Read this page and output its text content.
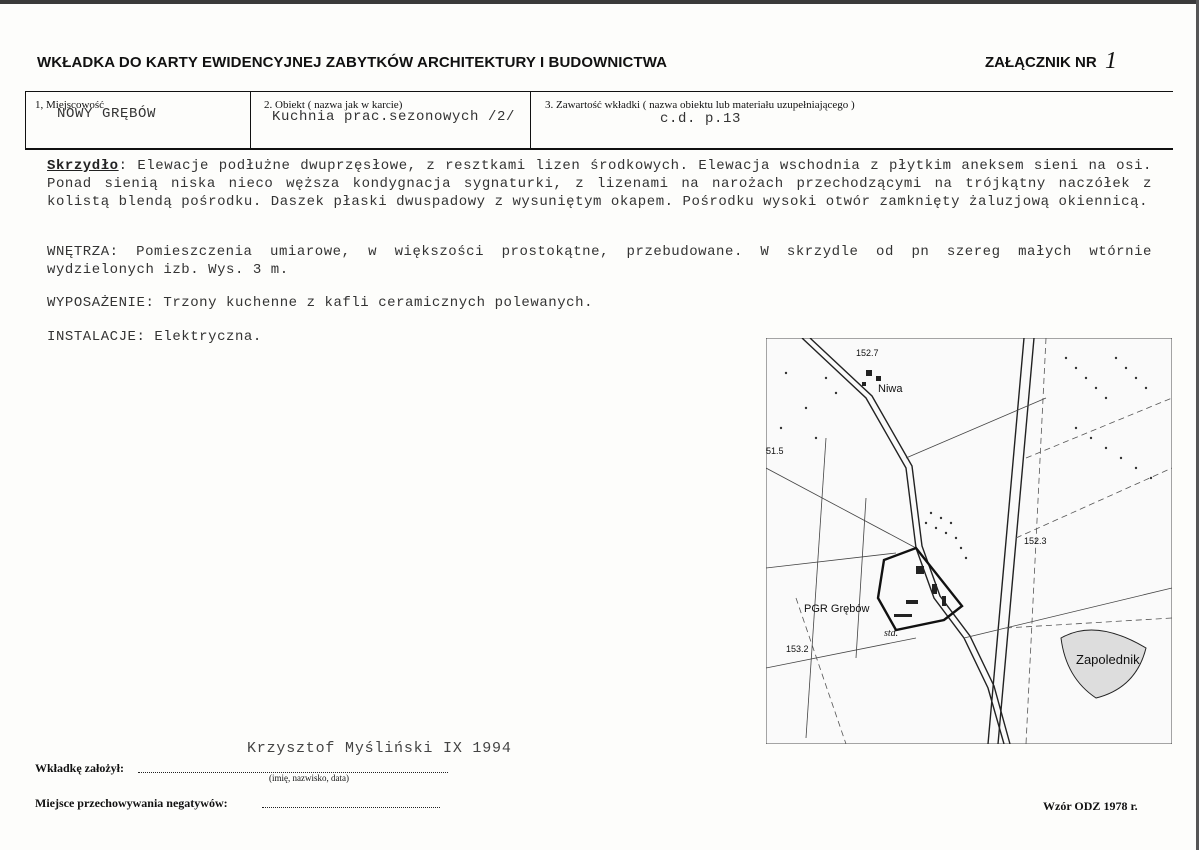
WKŁADKA DO KARTY EWIDENCYJNEJ ZABYTKÓW ARCHITEKTURY I BUDOWNICTWA	ZAŁĄCZNIK NR 1
1, Miejscowość
NOWY GRĘBÓW
2. Obiekt ( nazwa jak w karcie)
Kuchnia prac.sezonowych /2/
3. Zawartość wkładki ( nazwa obiektu lub materiału uzupełniającego )
c.d. p.13
Skrzydło: Elewacje podłużne dwuprzęsłowe, z resztkami lizen środkowych. Elewacja wschodnia z płytkim aneksem sieni na osi. Ponad sienią niska nieco węższa kondygnacja sygnaturki, z lizenami na narożach przechodzącymi na trójkątny naczółek z kolistą blendą pośrodku. Daszek płaski dwuspadowy z wysuniętym okapem. Pośrodku wysoki otwór zamknięty żaluzjową okiennicą.
WNĘTRZA: Pomieszczenia umiarowe, w większości prostokątne, przebudowane. W skrzydle od pn szereg małych wtórnie wydzielonych izb. Wys. 3 m.
WYPOSAŻENIE: Trzony kuchenne z kafli ceramicznych polewanych.
INSTALACJE: Elektryczna.
152.7
Niwa
51.5
152.3
PGR Grębów
std.
153.2
Zapolednik
Krzysztof Myśliński IX 1994
Wkładkę założył:
(imię, nazwisko, data)
Miejsce przechowywania negatywów:	Wzór ODZ 1978 r.
